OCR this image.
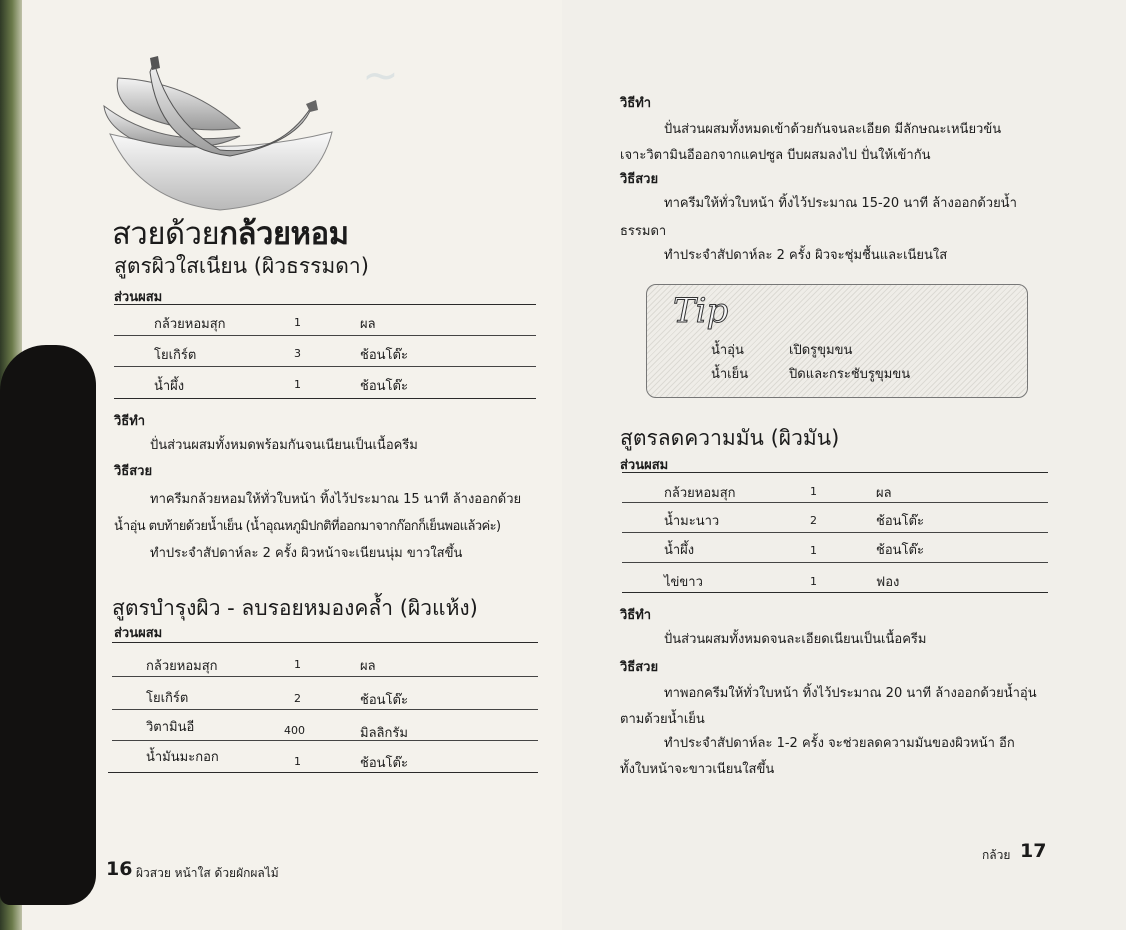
~
สวยด้วยกล้วยหอม
สูตรผิวใสเนียน (ผิวธรรมดา)
ส่วนผสม
กล้วยหอมสุก	1	ผล
โยเกิร์ต	3	ช้อนโต๊ะ
น้ำผึ้ง	1	ช้อนโต๊ะ
วิธีทำ
ปั่นส่วนผสมทั้งหมดพร้อมกันจนเนียนเป็นเนื้อครีม
วิธีสวย
ทาครีมกล้วยหอมให้ทั่วใบหน้า ทิ้งไว้ประมาณ 15 นาที ล้างออกด้วย
น้ำอุ่น ตบท้ายด้วยน้ำเย็น (น้ำอุณหภูมิปกติที่ออกมาจากก๊อกก็เย็นพอแล้วค่ะ)
ทำประจำสัปดาห์ละ 2 ครั้ง ผิวหน้าจะเนียนนุ่ม ขาวใสขึ้น
สูตรบำรุงผิว - ลบรอยหมองคล้ำ (ผิวแห้ง)
ส่วนผสม
กล้วยหอมสุก	1	ผล
โยเกิร์ต	2	ช้อนโต๊ะ
วิตามินอี	400	มิลลิกรัม
น้ำมันมะกอก	1	ช้อนโต๊ะ
16 ผิวสวย หน้าใส ด้วยผักผลไม้
วิธีทำ
ปั่นส่วนผสมทั้งหมดเข้าด้วยกันจนละเอียด มีลักษณะเหนียวข้น
เจาะวิตามินอีออกจากแคปซูล บีบผสมลงไป ปั่นให้เข้ากัน
วิธีสวย
ทาครีมให้ทั่วใบหน้า ทิ้งไว้ประมาณ 15-20 นาที ล้างออกด้วยน้ำ
ธรรมดา
ทำประจำสัปดาห์ละ 2 ครั้ง ผิวจะชุ่มชื้นและเนียนใส
Tip
น้ำอุ่น	เปิดรูขุมขน
น้ำเย็น	ปิดและกระชับรูขุมขน
สูตรลดความมัน (ผิวมัน)
ส่วนผสม
กล้วยหอมสุก	1	ผล
น้ำมะนาว	2	ช้อนโต๊ะ
น้ำผึ้ง	1	ช้อนโต๊ะ
ไข่ขาว	1	ฟอง
วิธีทำ
ปั่นส่วนผสมทั้งหมดจนละเอียดเนียนเป็นเนื้อครีม
วิธีสวย
ทาพอกครีมให้ทั่วใบหน้า ทิ้งไว้ประมาณ 20 นาที ล้างออกด้วยน้ำอุ่น
ตามด้วยน้ำเย็น
ทำประจำสัปดาห์ละ 1-2 ครั้ง จะช่วยลดความมันของผิวหน้า อีก
ทั้งใบหน้าจะขาวเนียนใสขึ้น
กล้วย 17
